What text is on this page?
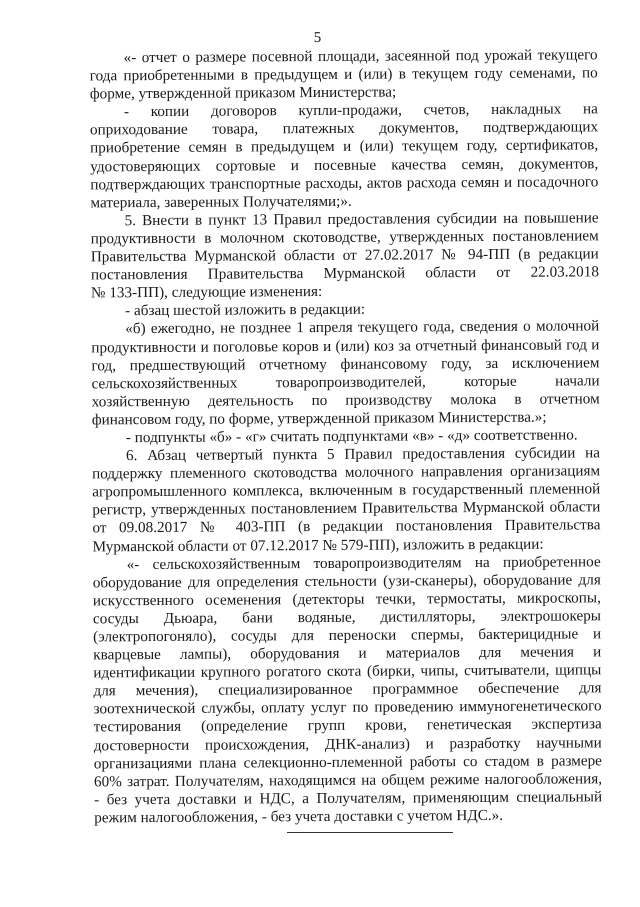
5
«- отчет о размере посевной площади, засеянной под урожай текущего
года приобретенными в предыдущем и (или) в текущем году семенами, по
форме, утвержденной приказом Министерства;
- копии договоров купли-продажи, счетов, накладных на
оприходование товара, платежных документов, подтверждающих
приобретение семян в предыдущем и (или) текущем году, сертификатов,
удостоверяющих сортовые и посевные качества семян, документов,
подтверждающих транспортные расходы, актов расхода семян и посадочного
материала, заверенных Получателями;».
5. Внести в пункт 13 Правил предоставления субсидии на повышение
продуктивности в молочном скотоводстве, утвержденных постановлением
Правительства Мурманской области от 27.02.2017 № 94-ПП (в редакции
постановления Правительства Мурманской области от 22.03.2018
№ 133-ПП), следующие изменения:
- абзац шестой изложить в редакции:
«б) ежегодно, не позднее 1 апреля текущего года, сведения о молочной
продуктивности и поголовье коров и (или) коз за отчетный финансовый год и
год, предшествующий отчетному финансовому году, за исключением
сельскохозяйственных товаропроизводителей, которые начали
хозяйственную деятельность по производству молока в отчетном
финансовом году, по форме, утвержденной приказом Министерства.»;
- подпункты «б» - «г» считать подпунктами «в» - «д» соответственно.
6. Абзац четвертый пункта 5 Правил предоставления субсидии на
поддержку племенного скотоводства молочного направления организациям
агропромышленного комплекса, включенным в государственный племенной
регистр, утвержденных постановлением Правительства Мурманской области
от 09.08.2017 № 403-ПП (в редакции постановления Правительства
Мурманской области от 07.12.2017 № 579-ПП), изложить в редакции:
«- сельскохозяйственным товаропроизводителям на приобретенное
оборудование для определения стельности (узи-сканеры), оборудование для
искусственного осеменения (детекторы течки, термостаты, микроскопы,
сосуды Дьюара, бани водяные, дистилляторы, электрошокеры
(электропогоняло), сосуды для переноски спермы, бактерицидные и
кварцевые лампы), оборудования и материалов для мечения и
идентификации крупного рогатого скота (бирки, чипы, считыватели, щипцы
для мечения), специализированное программное обеспечение для
зоотехнической службы, оплату услуг по проведению иммуногенетического
тестирования (определение групп крови, генетическая экспертиза
достоверности происхождения, ДНК-анализ) и разработку научными
организациями плана селекционно-племенной работы со стадом в размере
60% затрат. Получателям, находящимся на общем режиме налогообложения,
- без учета доставки и НДС, а Получателям, применяющим специальный
режим налогообложения, - без учета доставки с учетом НДС.».
